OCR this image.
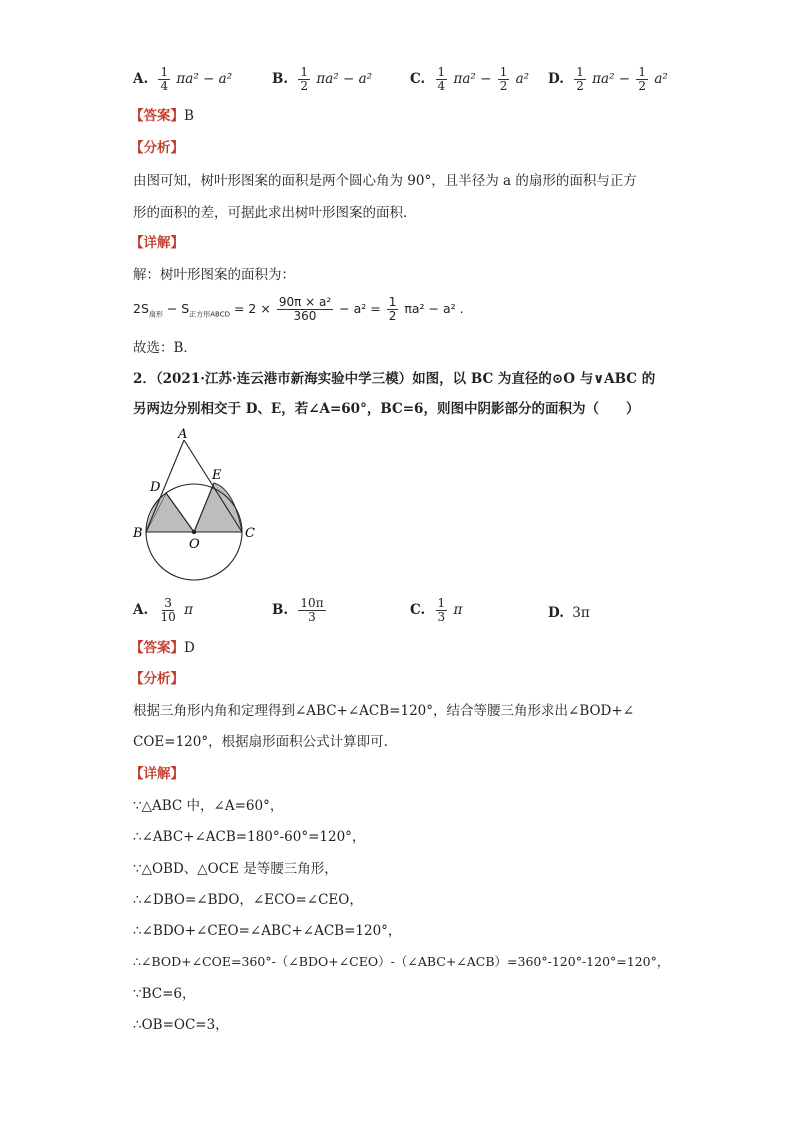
A. $\frac{1}{4} \pi a^2 - a^2$	B. $\frac{1}{2} \pi a^2 - a^2$	C. $\frac{1}{4} \pi a^2 - \frac{1}{2} a^2$ D. $\frac{1}{2} \pi a^2 - \frac{1}{2} a^2$
【答案】B
【分析】
由图可知，树叶形图案的面积是两个圆心角为 90°，且半径为 a 的扇形的面积与正方
形的面积的差，可据此求出树叶形图案的面积．
【详解】
解：树叶形图案的面积为：
$2S_{扇形} - S_{正方形ABCD} = 2 \times \frac{\text{90π × a²}}{360} - a^2 = \frac{1}{2} \pi a^2 - a^2$ .
故选：B．
2．（2021·江苏·连云港市新海实验中学三模）如图，以 BC 为直径的⊙O 与∨ABC 的
另两边分别相交于 D、E，若∠A=60°，BC=6，则图中阴影部分的面积为（　　）
A
D
E
B	C
O
A. $\frac{3}{10}$ π	B. $\frac{10\pi}{3}$	C. $\frac{1}{3}$ π	D. 3π
【答案】D
【分析】
根据三角形内角和定理得到∠ABC+∠ACB=120°，结合等腰三角形求出∠BOD+∠
COE=120°，根据扇形面积公式计算即可.
【详解】
∵△ABC 中，∠A=60°，
∴∠ABC+∠ACB=180°-60°=120°，
∵△OBD、△OCE 是等腰三角形，
∴∠DBO=∠BDO，∠ECO=∠CEO，
∴∠BDO+∠CEO=∠ABC+∠ACB=120°，
∴∠BOD+∠COE=360°-（∠BDO+∠CEO）-（∠ABC+∠ACB）=360°-120°-120°=120°，
∵BC=6，
∴OB=OC=3，
